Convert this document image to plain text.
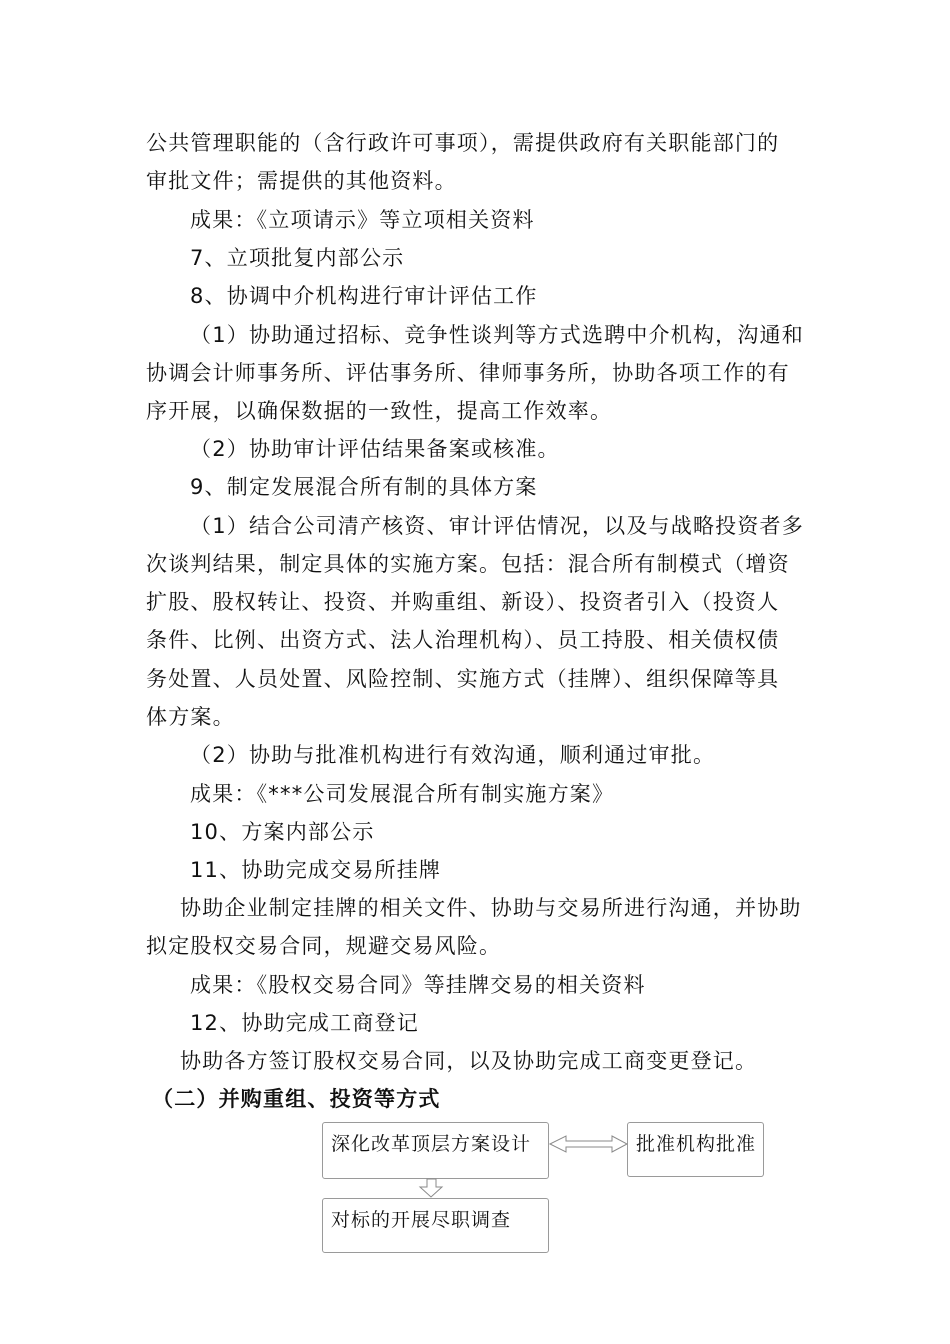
公共管理职能的（含行政许可事项），需提供政府有关职能部门的
审批文件；需提供的其他资料。
成果：《立项请示》等立项相关资料
7、立项批复内部公示
8、协调中介机构进行审计评估工作
（1）协助通过招标、竞争性谈判等方式选聘中介机构，沟通和
协调会计师事务所、评估事务所、律师事务所，协助各项工作的有
序开展，以确保数据的一致性，提高工作效率。
（2）协助审计评估结果备案或核准。
9、制定发展混合所有制的具体方案
（1）结合公司清产核资、审计评估情况，以及与战略投资者多
次谈判结果，制定具体的实施方案。包括：混合所有制模式（增资
扩股、股权转让、投资、并购重组、新设）、投资者引入（投资人
条件、比例、出资方式、法人治理机构）、员工持股、相关债权债
务处置、人员处置、风险控制、实施方式（挂牌）、组织保障等具
体方案。
（2）协助与批准机构进行有效沟通，顺利通过审批。
成果：《***公司发展混合所有制实施方案》
10、方案内部公示
11、协助完成交易所挂牌
协助企业制定挂牌的相关文件、协助与交易所进行沟通，并协助
拟定股权交易合同，规避交易风险。
成果：《股权交易合同》等挂牌交易的相关资料
12、协助完成工商登记
协助各方签订股权交易合同，以及协助完成工商变更登记。
（二）并购重组、投资等方式
深化改革顶层方案设计	批准机构批准
对标的开展尽职调查
